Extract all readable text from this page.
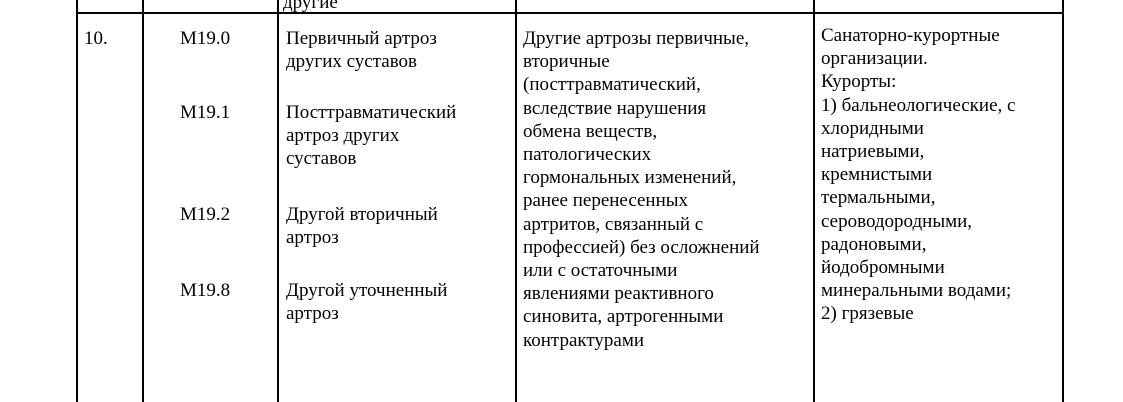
другие
10.	M19.0
M19.1
M19.2
M19.8
Первичный артроз
других суставов
Посттравматический
артроз других
суставов
Другой вторичный
артроз
Другой уточненный
артроз
Другие артрозы первичные,
вторичные
(посттравматический,
вследствие нарушения
обмена веществ,
патологических
гормональных изменений,
ранее перенесенных
артритов, связанный с
профессией) без осложнений
или с остаточными
явлениями реактивного
синовита, артрогенными
контрактурами
Санаторно-курортные
организации.
Курорты:
1) бальнеологические, с
хлоридными
натриевыми,
кремнистыми
термальными,
сероводородными,
радоновыми,
йодобромными
минеральными водами;
2) грязевые
